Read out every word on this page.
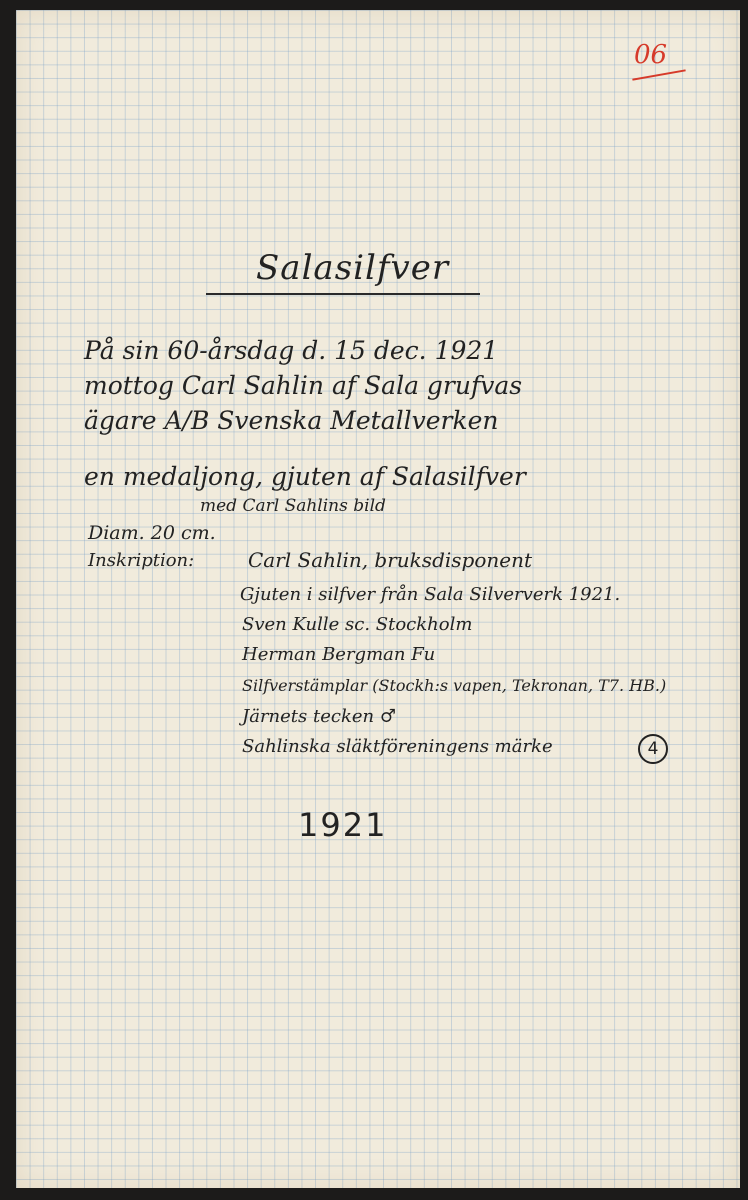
06
Salasilfver
På sin 60-årsdag d. 15 dec. 1921
mottog Carl Sahlin af Sala grufvas
ägare A/B Svenska Metallverken
en medaljong, gjuten af Salasilfver
med Carl Sahlins bild
Diam. 20 cm.
Inskription:	Carl Sahlin, bruksdisponent
Gjuten i silfver från Sala Silververk 1921.
Sven Kulle sc. Stockholm
Herman Bergman Fu
Silfverstämplar (Stockh:s vapen, Tekronan, T7. HB.)
Järnets tecken ♂
Sahlinska släktföreningens märke	4
1921
